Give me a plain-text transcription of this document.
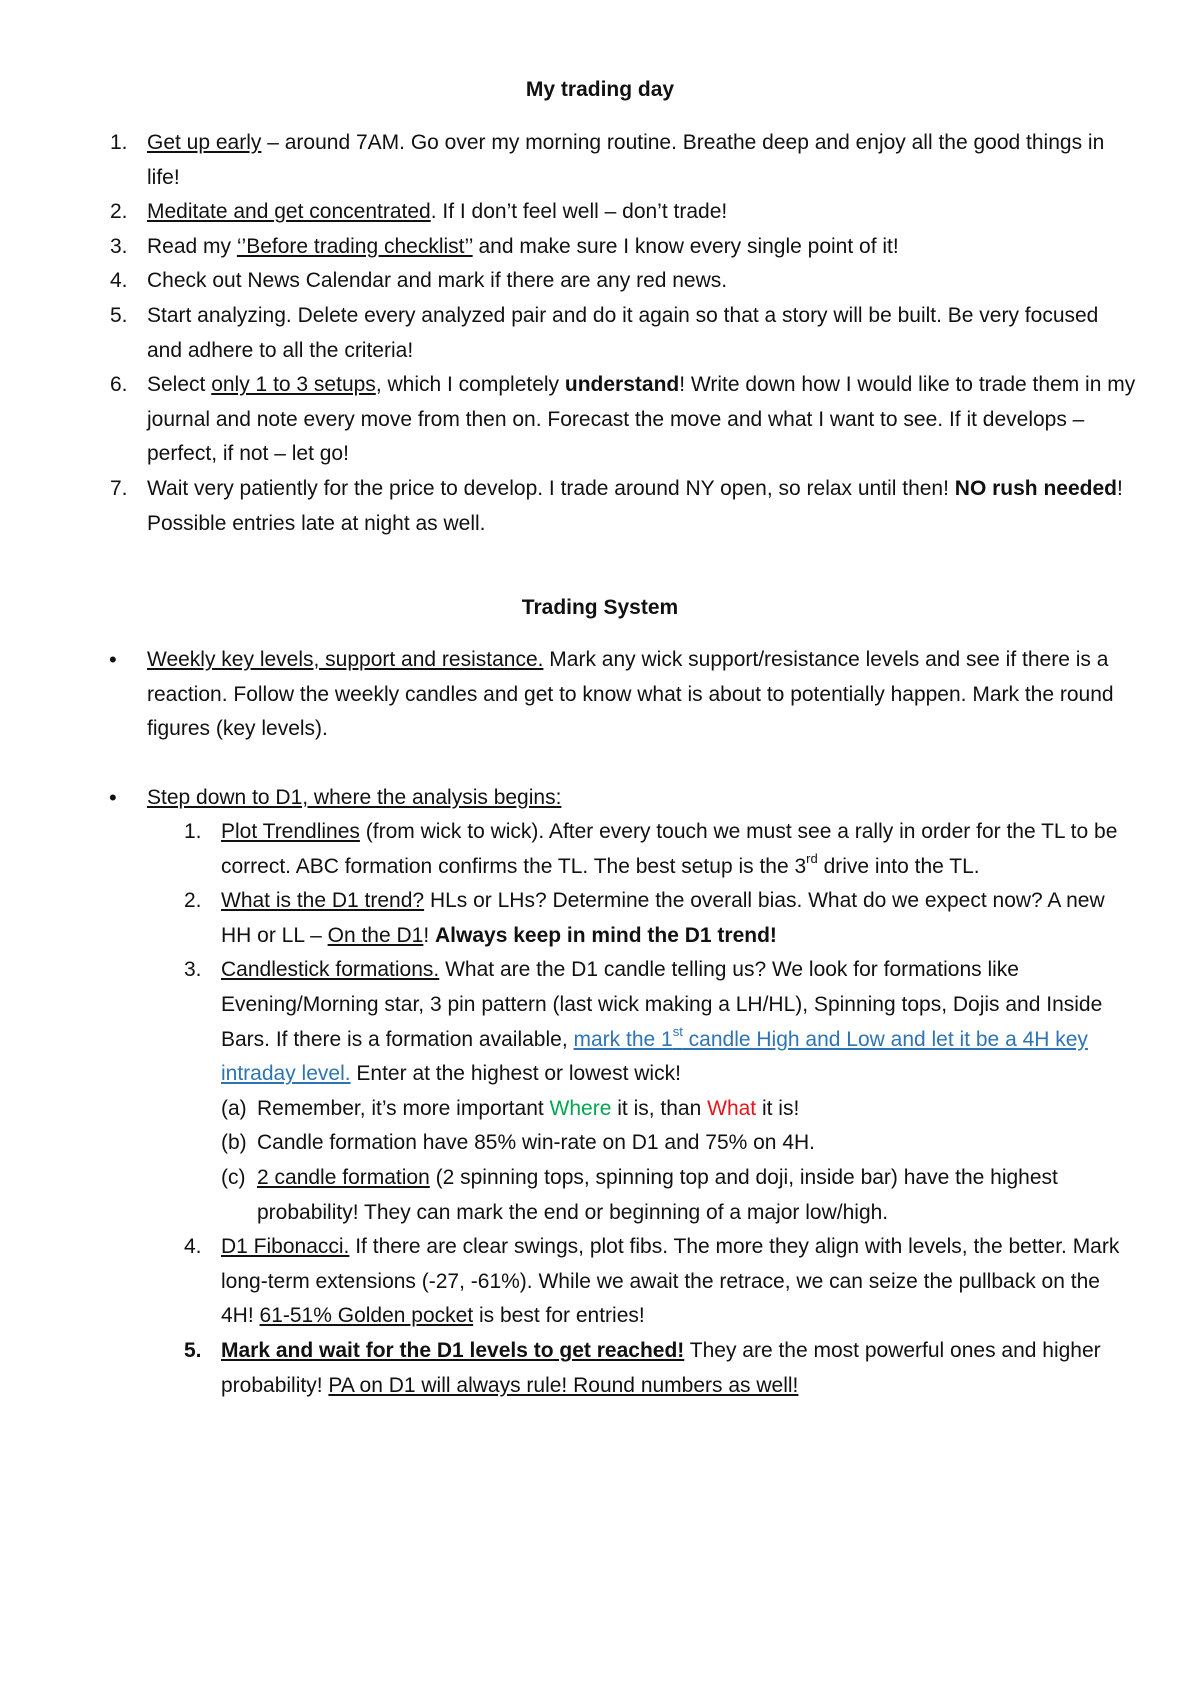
My trading day
1. Get up early – around 7AM. Go over my morning routine. Breathe deep and enjoy all the good things in life!
2. Meditate and get concentrated. If I don’t feel well – don’t trade!
3. Read my ‘’Before trading checklist’’ and make sure I know every single point of it!
4. Check out News Calendar and mark if there are any red news.
5. Start analyzing. Delete every analyzed pair and do it again so that a story will be built. Be very focused and adhere to all the criteria!
6. Select only 1 to 3 setups, which I completely understand! Write down how I would like to trade them in my journal and note every move from then on. Forecast the move and what I want to see. If it develops – perfect, if not – let go!
7. Wait very patiently for the price to develop. I trade around NY open, so relax until then! NO rush needed! Possible entries late at night as well.
Trading System
• Weekly key levels, support and resistance. Mark any wick support/resistance levels and see if there is a reaction. Follow the weekly candles and get to know what is about to potentially happen. Mark the round figures (key levels).
• Step down to D1, where the analysis begins:
1. Plot Trendlines (from wick to wick). After every touch we must see a rally in order for the TL to be correct. ABC formation confirms the TL. The best setup is the 3rd drive into the TL.
2. What is the D1 trend? HLs or LHs? Determine the overall bias. What do we expect now? A new HH or LL – On the D1! Always keep in mind the D1 trend!
3. Candlestick formations. What are the D1 candle telling us? We look for formations like Evening/Morning star, 3 pin pattern (last wick making a LH/HL), Spinning tops, Dojis and Inside Bars. If there is a formation available, mark the 1st candle High and Low and let it be a 4H key intraday level. Enter at the highest or lowest wick!
(a) Remember, it’s more important Where it is, than What it is!
(b) Candle formation have 85% win-rate on D1 and 75% on 4H.
(c) 2 candle formation (2 spinning tops, spinning top and doji, inside bar) have the highest probability! They can mark the end or beginning of a major low/high.
4. D1 Fibonacci. If there are clear swings, plot fibs. The more they align with levels, the better. Mark long-term extensions (-27, -61%). While we await the retrace, we can seize the pullback on the 4H! 61-51% Golden pocket is best for entries!
5. Mark and wait for the D1 levels to get reached! They are the most powerful ones and higher probability! PA on D1 will always rule! Round numbers as well!
